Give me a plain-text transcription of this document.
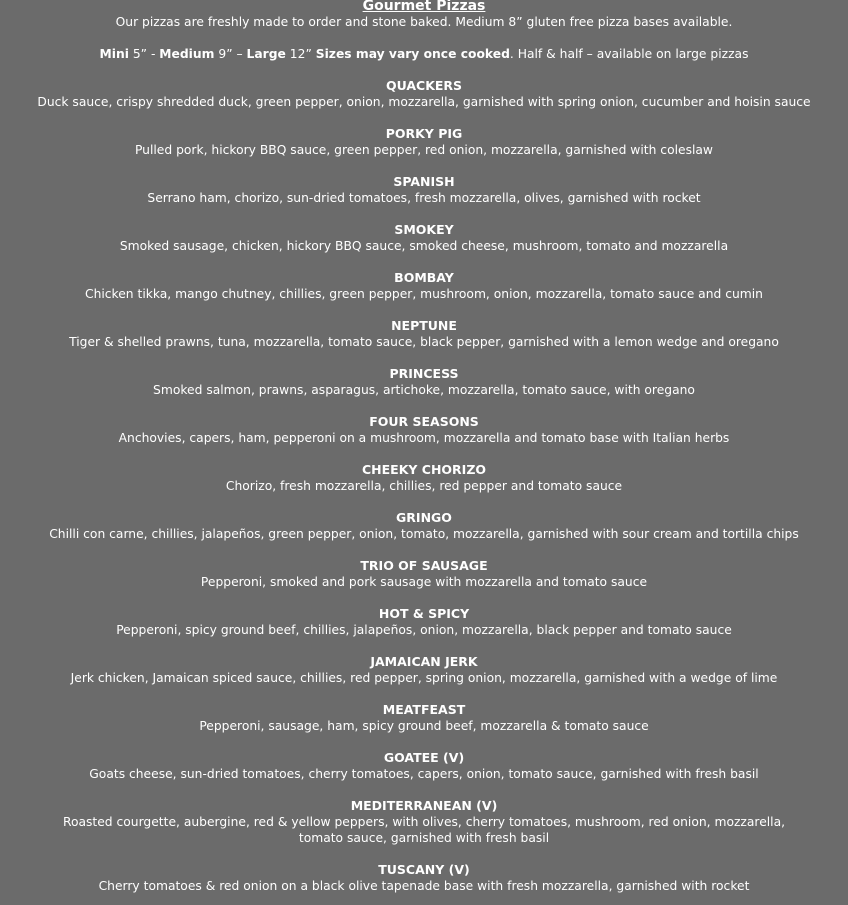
Gourmet Pizzas
Our pizzas are freshly made to order and stone baked. Medium 8” gluten free pizza bases available.
Mini 5” - Medium 9” – Large 12” Sizes may vary once cooked. Half & half – available on large pizzas
QUACKERS
Duck sauce, crispy shredded duck, green pepper, onion, mozzarella, garnished with spring onion, cucumber and hoisin sauce
PORKY PIG
Pulled pork, hickory BBQ sauce, green pepper, red onion, mozzarella, garnished with coleslaw
SPANISH
Serrano ham, chorizo, sun-dried tomatoes, fresh mozzarella, olives, garnished with rocket
SMOKEY
Smoked sausage, chicken, hickory BBQ sauce, smoked cheese, mushroom, tomato and mozzarella
BOMBAY
Chicken tikka, mango chutney, chillies, green pepper, mushroom, onion, mozzarella, tomato sauce and cumin
NEPTUNE
Tiger & shelled prawns, tuna, mozzarella, tomato sauce, black pepper, garnished with a lemon wedge and oregano
PRINCESS
Smoked salmon, prawns, asparagus, artichoke, mozzarella, tomato sauce, with oregano
FOUR SEASONS
Anchovies, capers, ham, pepperoni on a mushroom, mozzarella and tomato base with Italian herbs
CHEEKY CHORIZO
Chorizo, fresh mozzarella, chillies, red pepper and tomato sauce
GRINGO
Chilli con carne, chillies, jalapeños, green pepper, onion, tomato, mozzarella, garnished with sour cream and tortilla chips
TRIO OF SAUSAGE
Pepperoni, smoked and pork sausage with mozzarella and tomato sauce
HOT & SPICY
Pepperoni, spicy ground beef, chillies, jalapeños, onion, mozzarella, black pepper and tomato sauce
JAMAICAN JERK
Jerk chicken, Jamaican spiced sauce, chillies, red pepper, spring onion, mozzarella, garnished with a wedge of lime
MEATFEAST
Pepperoni, sausage, ham, spicy ground beef, mozzarella & tomato sauce
GOATEE (V)
Goats cheese, sun-dried tomatoes, cherry tomatoes, capers, onion, tomato sauce, garnished with fresh basil
MEDITERRANEAN (V)
Roasted courgette, aubergine, red & yellow peppers, with olives, cherry tomatoes, mushroom, red onion, mozzarella, tomato sauce, garnished with fresh basil
TUSCANY (V)
Cherry tomatoes & red onion on a black olive tapenade base with fresh mozzarella, garnished with rocket
